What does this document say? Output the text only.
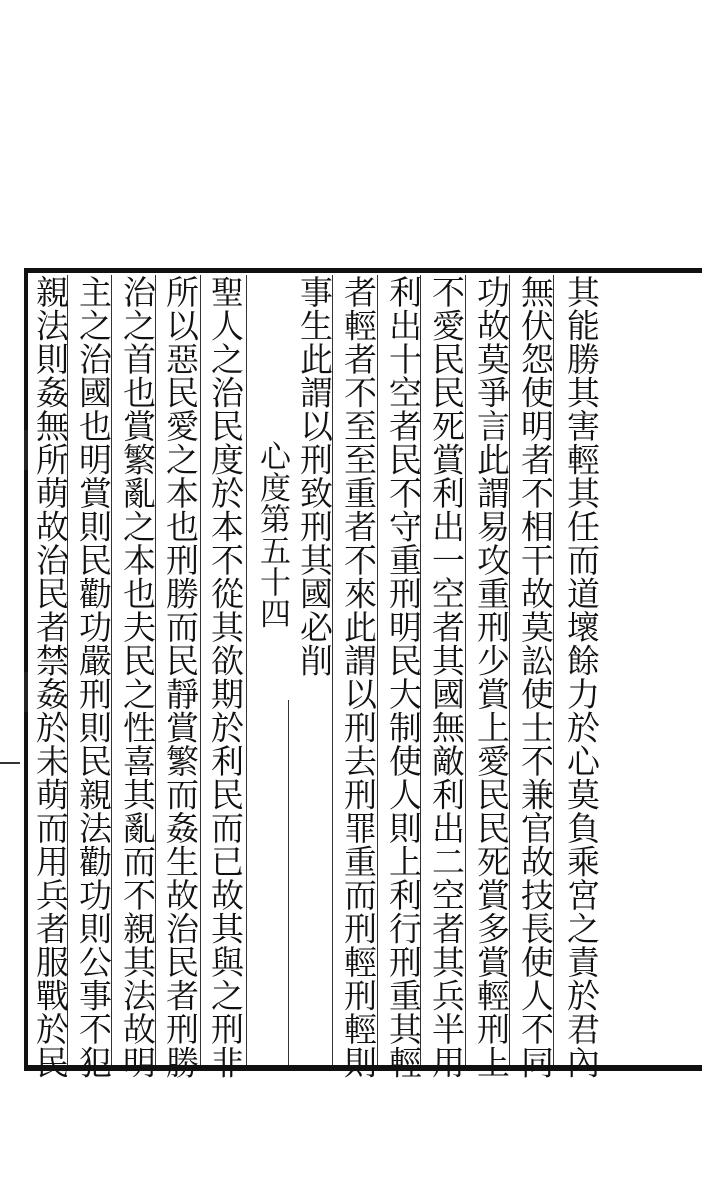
其能勝其害輕其任而道壞餘力於心莫負乘宮之責於君內
無伏怨使明者不相干故莫訟使士不兼官故技長使人不同
功故莫爭言此謂易攻重刑少賞上愛民民死賞多賞輕刑上
不愛民民死賞利出一空者其國無敵利出二空者其兵半用
利出十空者民不守重刑明民大制使人則上利行刑重其輕
者輕者不至至重者不來此謂以刑去刑罪重而刑輕刑輕則
事生此謂以刑致刑其國必削
心度第五十四
聖人之治民度於本不從其欲期於利民而已故其與之刑非
所以惡民愛之本也刑勝而民靜賞繁而姦生故治民者刑勝
治之首也賞繁亂之本也夫民之性喜其亂而不親其法故明
主之治國也明賞則民勸功嚴刑則民親法勸功則公事不犯
親法則姦無所萌故治民者禁姦於未萌而用兵者服戰於民
